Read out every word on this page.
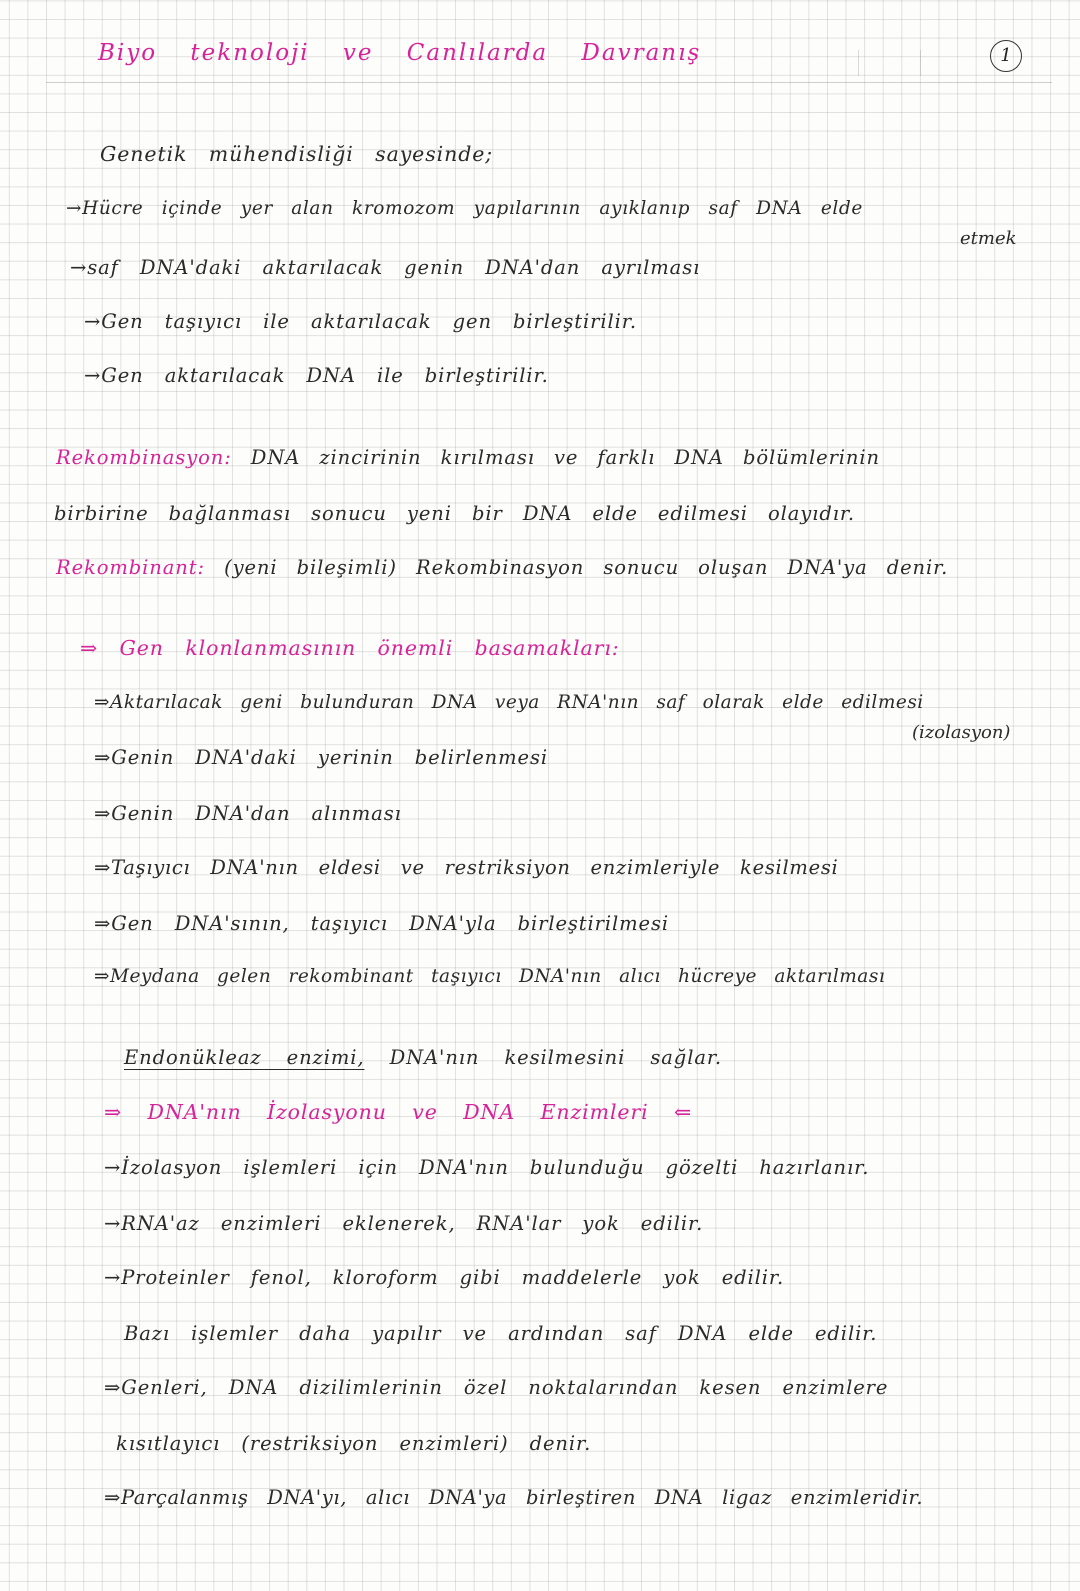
Biyo teknoloji ve Canlılarda Davranış	1
Genetik mühendisliği sayesinde;
→Hücre içinde yer alan kromozom yapılarının ayıklanıp saf DNA elde
etmek
→saf DNA'daki aktarılacak genin DNA'dan ayrılması
→Gen taşıyıcı ile aktarılacak gen birleştirilir.
→Gen aktarılacak DNA ile birleştirilir.
Rekombinasyon: DNA zincirinin kırılması ve farklı DNA bölümlerinin
birbirine bağlanması sonucu yeni bir DNA elde edilmesi olayıdır.
Rekombinant: (yeni bileşimli) Rekombinasyon sonucu oluşan DNA'ya denir.
⇒ Gen klonlanmasının önemli basamakları:
⇒Aktarılacak geni bulunduran DNA veya RNA'nın saf olarak elde edilmesi
(izolasyon)
⇒Genin DNA'daki yerinin belirlenmesi
⇒Genin DNA'dan alınması
⇒Taşıyıcı DNA'nın eldesi ve restriksiyon enzimleriyle kesilmesi
⇒Gen DNA'sının, taşıyıcı DNA'yla birleştirilmesi
⇒Meydana gelen rekombinant taşıyıcı DNA'nın alıcı hücreye aktarılması
Endonükleaz enzimi, DNA'nın kesilmesini sağlar.
⇒ DNA'nın İzolasyonu ve DNA Enzimleri ⇐
→İzolasyon işlemleri için DNA'nın bulunduğu gözelti hazırlanır.
→RNA'az enzimleri eklenerek, RNA'lar yok edilir.
→Proteinler fenol, kloroform gibi maddelerle yok edilir.
Bazı işlemler daha yapılır ve ardından saf DNA elde edilir.
⇒Genleri, DNA dizilimlerinin özel noktalarından kesen enzimlere
kısıtlayıcı (restriksiyon enzimleri) denir.
⇒Parçalanmış DNA'yı, alıcı DNA'ya birleştiren DNA ligaz enzimleridir.
